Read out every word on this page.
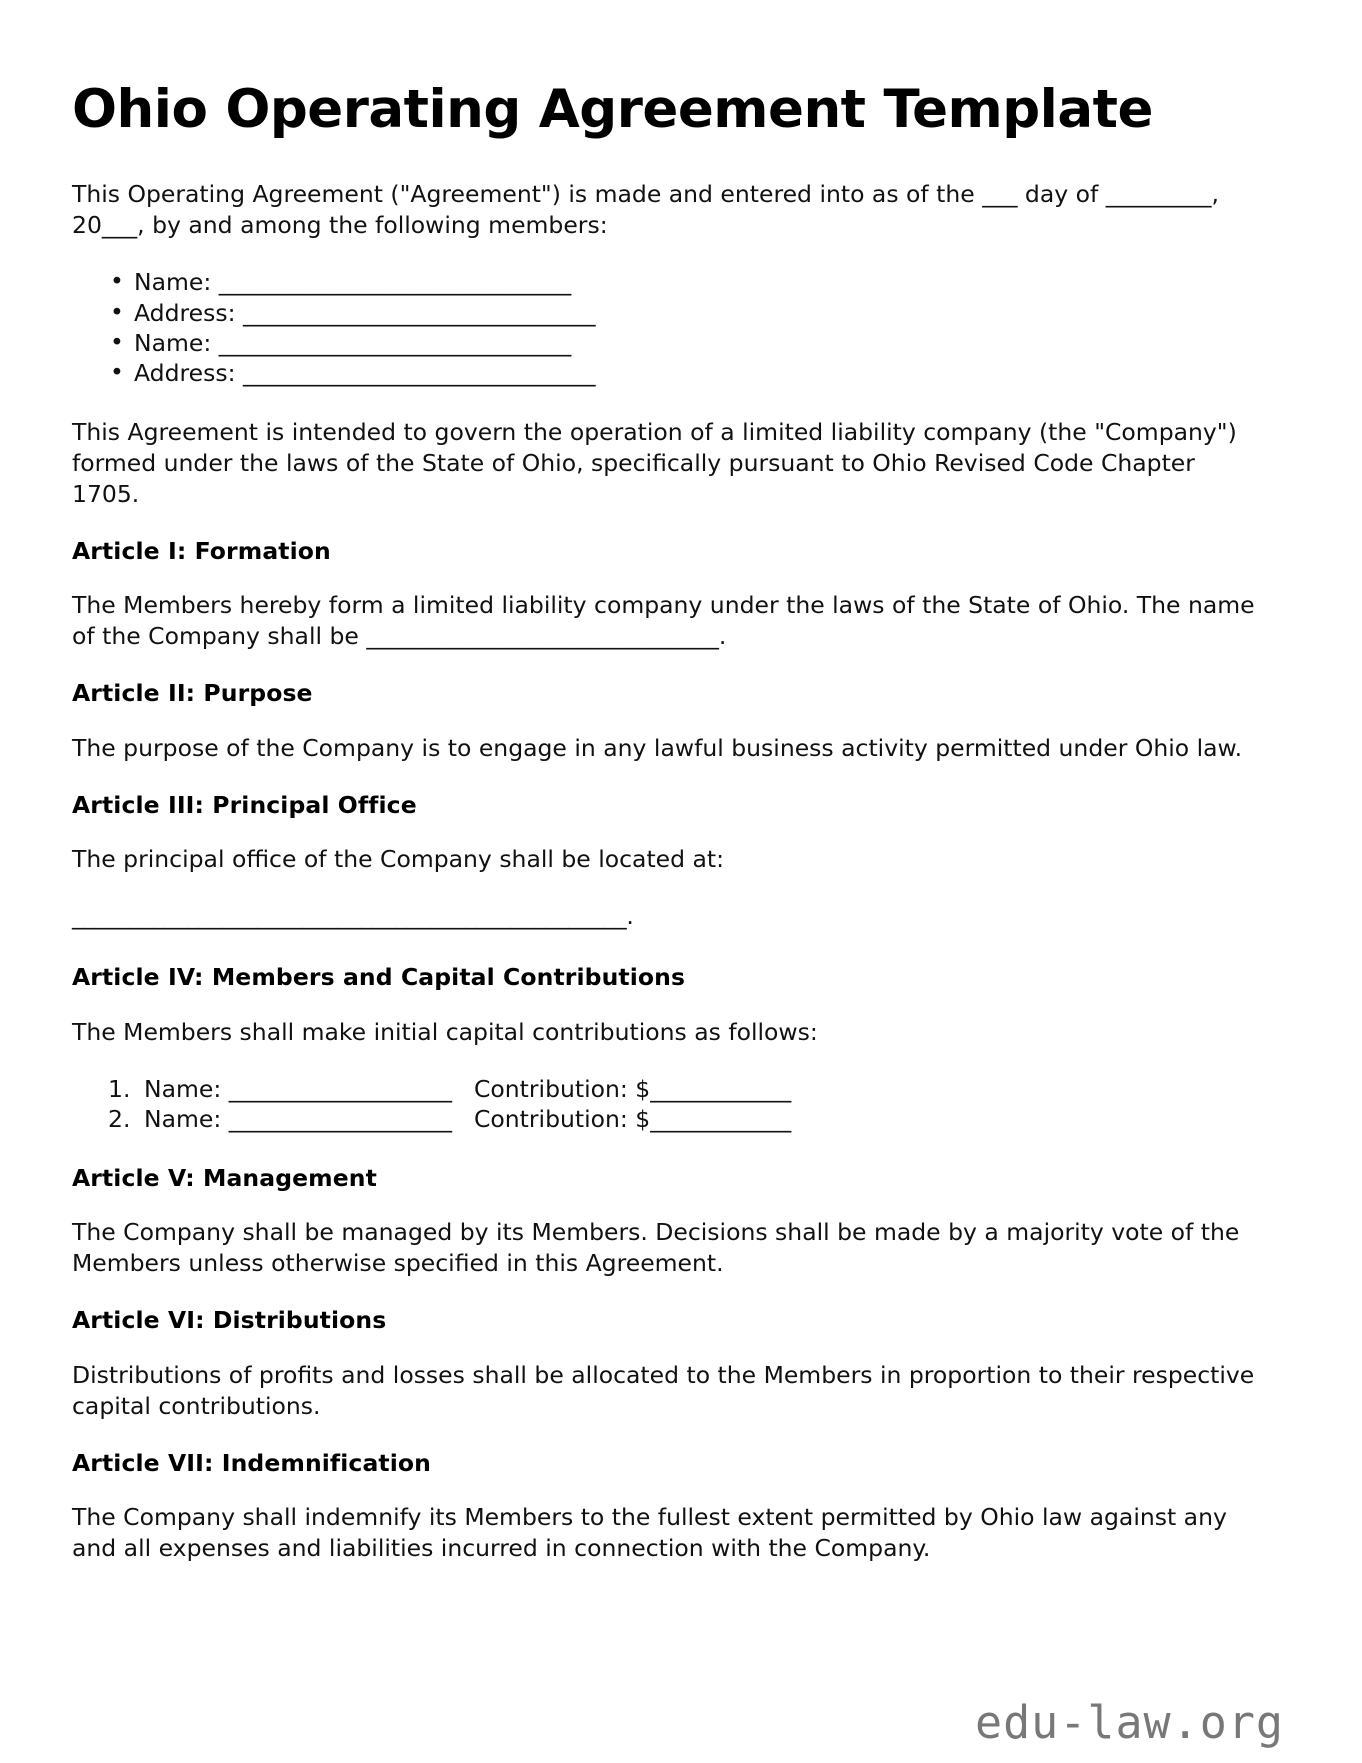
Ohio Operating Agreement Template

This Operating Agreement ("Agreement") is made and entered into as of the ___ day of _________, 20___, by and among the following members:

• Name: ______________________________
• Address: ______________________________
• Name: ______________________________
• Address: ______________________________

This Agreement is intended to govern the operation of a limited liability company (the "Company") formed under the laws of the State of Ohio, specifically pursuant to Ohio Revised Code Chapter 1705.

Article I: Formation

The Members hereby form a limited liability company under the laws of the State of Ohio. The name of the Company shall be ______________________________.

Article II: Purpose

The purpose of the Company is to engage in any lawful business activity permitted under Ohio law.

Article III: Principal Office

The principal office of the Company shall be located at:

________________________________________________.

Article IV: Members and Capital Contributions

The Members shall make initial capital contributions as follows:

Name: ___________________ Contribution: $____________
Name: ___________________ Contribution: $____________
Article V: Management

The Company shall be managed by its Members. Decisions shall be made by a majority vote of the Members unless otherwise specified in this Agreement.

Article VI: Distributions

Distributions of profits and losses shall be allocated to the Members in proportion to their respective capital contributions.

Article VII: Indemnification

The Company shall indemnify its Members to the fullest extent permitted by Ohio law against any and all expenses and liabilities incurred in connection with the Company.

edu-law.org
